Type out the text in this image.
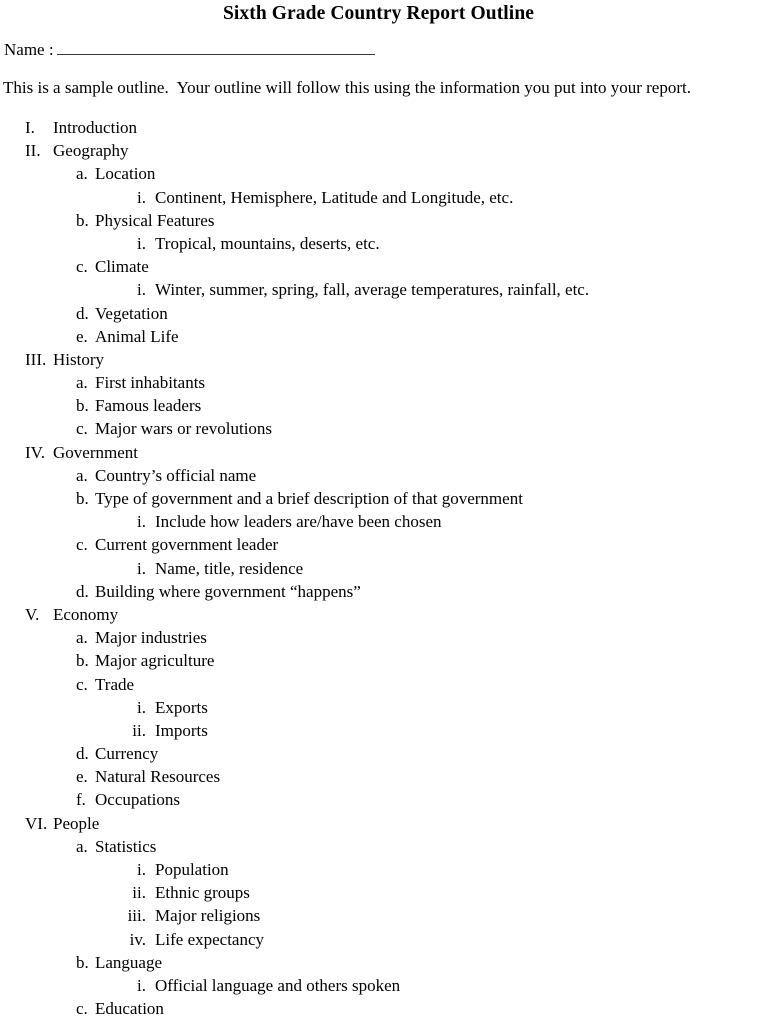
Sixth Grade Country Report Outline
Name :

This is a sample outline.  Your outline will follow this using the information you put into your report.

I.	Introduction
II. Geography
a. Location
i. Continent, Hemisphere, Latitude and Longitude, etc.
b. Physical Features
i. Tropical, mountains, deserts, etc.
c. Climate
i. Winter, summer, spring, fall, average temperatures, rainfall, etc.
d. Vegetation
e. Animal Life
III. History
a. First inhabitants
b. Famous leaders
c. Major wars or revolutions
IV. Government
a. Country’s official name
b. Type of government and a brief description of that government
i. Include how leaders are/have been chosen
c. Current government leader
i. Name, title, residence
d. Building where government “happens”
V. Economy
a. Major industries
b. Major agriculture
c. Trade
i. Exports
ii. Imports
d. Currency
e. Natural Resources
f. Occupations
VI. People
a. Statistics
i. Population
ii. Ethnic groups
iii. Major religions
iv. Life expectancy
b. Language
i. Official language and others spoken
c. Education
